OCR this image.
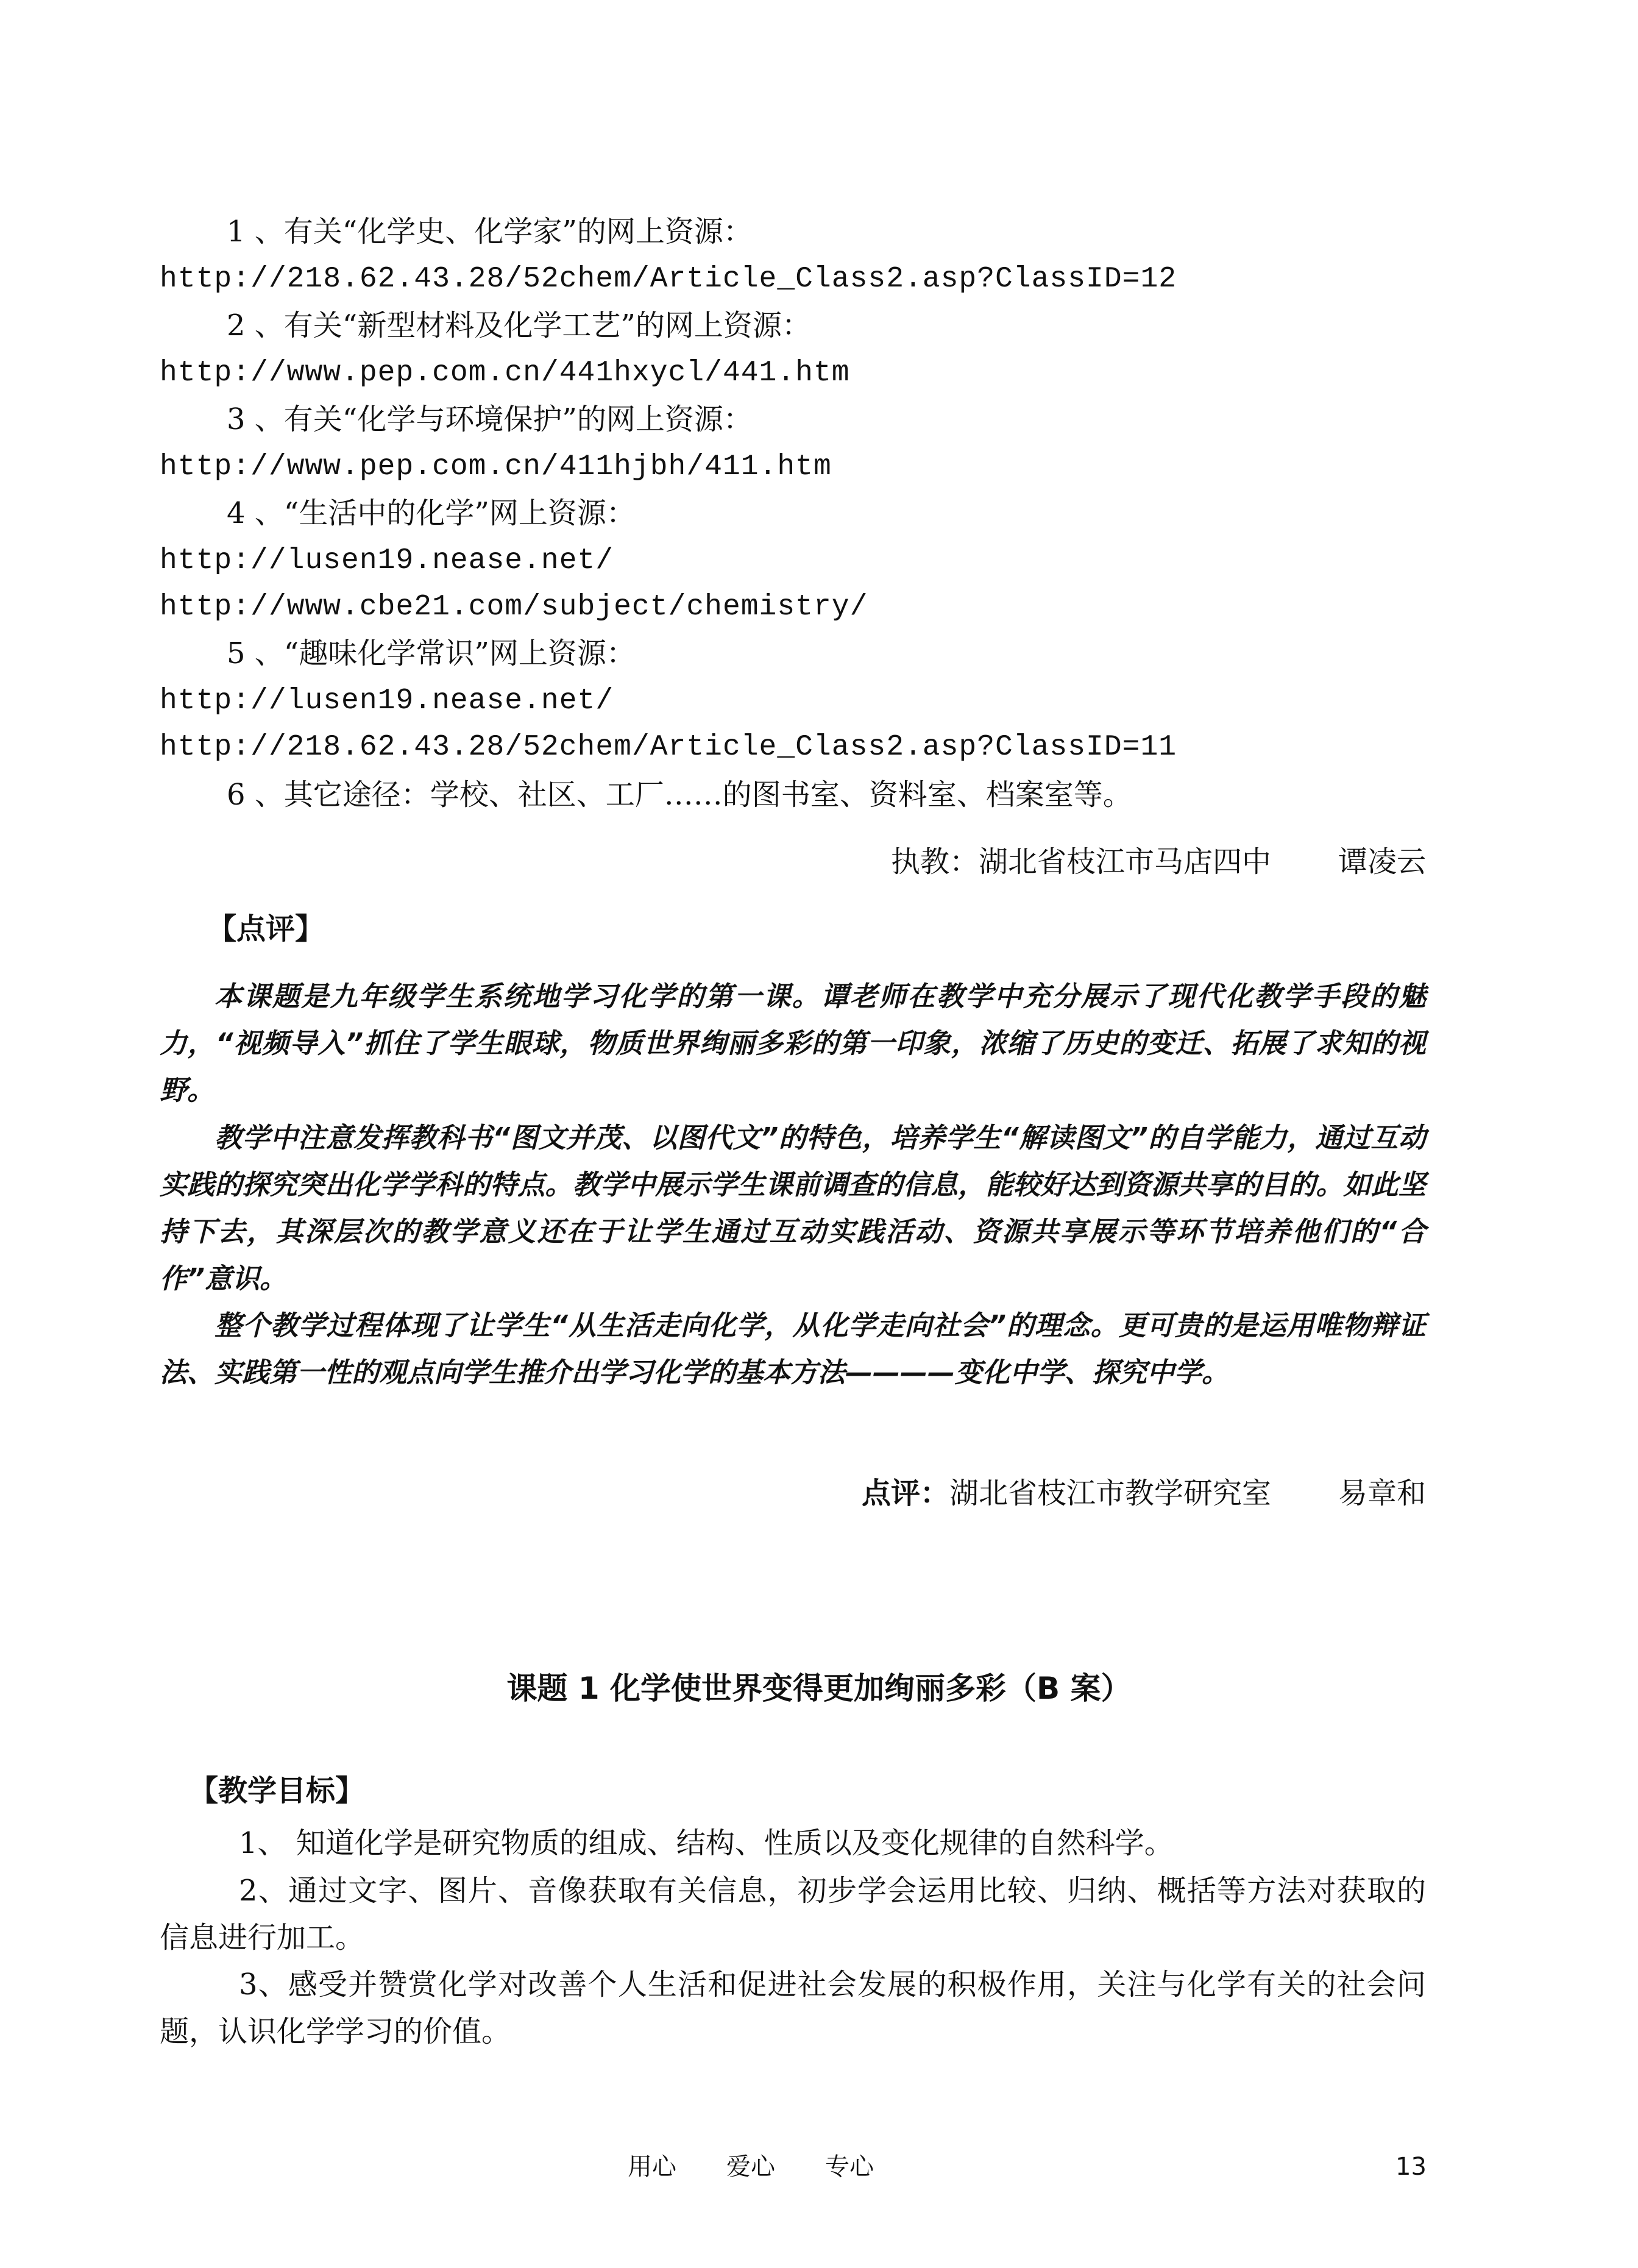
1 、有关“化学史、化学家”的网上资源：
http://218.62.43.28/52chem/Article_Class2.asp?ClassID=12
2 、有关“新型材料及化学工艺”的网上资源：
http://www.pep.com.cn/441hxycl/441.htm
3 、有关“化学与环境保护”的网上资源：
http://www.pep.com.cn/411hjbh/411.htm
4 、“生活中的化学”网上资源：
http://lusen19.nease.net/
http://www.cbe21.com/subject/chemistry/
5 、“趣味化学常识”网上资源：
http://lusen19.nease.net/
http://218.62.43.28/52chem/Article_Class2.asp?ClassID=11
6 、其它途径：学校、社区、工厂……的图书室、资料室、档案室等。
执教：湖北省枝江市马店四中 谭凌云
【点评】

本课题是九年级学生系统地学习化学的第一课。谭老师在教学中充分展示了现代化教学手段的魅力，“视频导入”抓住了学生眼球，物质世界绚丽多彩的第一印象，浓缩了历史的变迁、拓展了求知的视野。

教学中注意发挥教科书“图文并茂、以图代文”的特色，培养学生“解读图文”的自学能力，通过互动实践的探究突出化学学科的特点。教学中展示学生课前调查的信息，能较好达到资源共享的目的。如此坚持下去，其深层次的教学意义还在于让学生通过互动实践活动、资源共享展示等环节培养他们的“合作”意识。

整个教学过程体现了让学生“从生活走向化学，从化学走向社会”的理念。更可贵的是运用唯物辩证法、实践第一性的观点向学生推介出学习化学的基本方法————变化中学、探究中学。

点评：湖北省枝江市教学研究室 易章和
课题 1 化学使世界变得更加绚丽多彩（B 案）
【教学目标】

1、 知道化学是研究物质的组成、结构、性质以及变化规律的自然科学。

2、通过文字、图片、音像获取有关信息，初步学会运用比较、归纳、概括等方法对获取的信息进行加工。

3、感受并赞赏化学对改善个人生活和促进社会发展的积极作用，关注与化学有关的社会问题，认识化学学习的价值。

用心 爱心 专心	13
